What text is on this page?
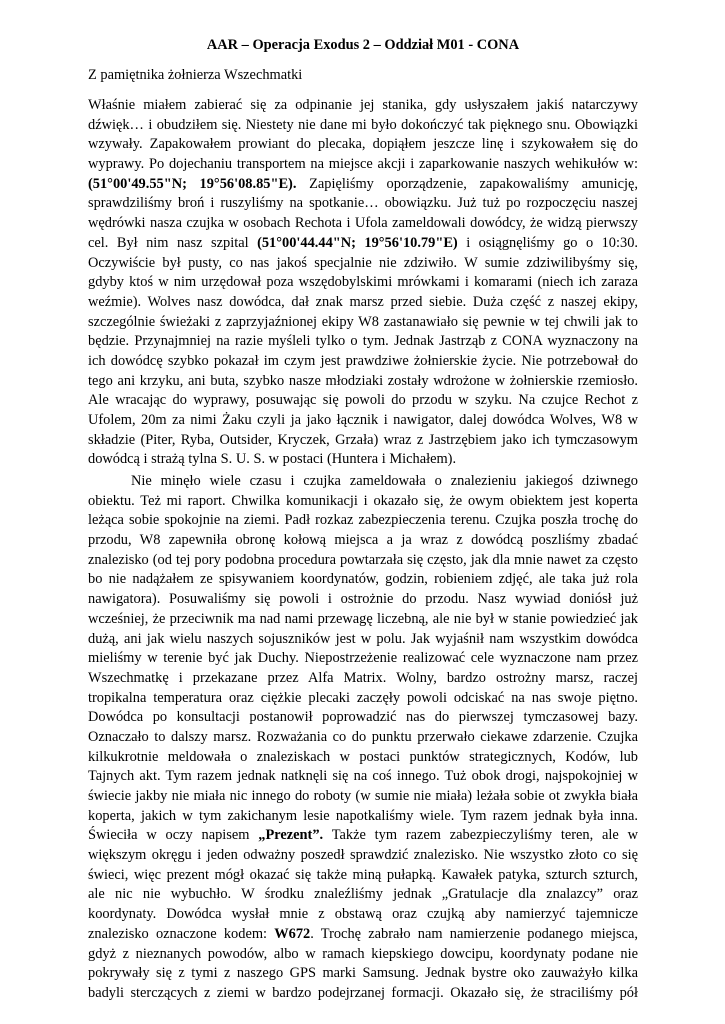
AAR – Operacja Exodus 2 – Oddział M01 - CONA
Z pamiętnika żołnierza Wszechmatki
Właśnie miałem zabierać się za odpinanie jej stanika, gdy usłyszałem jakiś natarczywy
dźwięk… i obudziłem się. Niestety nie dane mi było dokończyć tak pięknego snu. Obowiązki
wzywały. Zapakowałem prowiant do plecaka, dopiąłem jeszcze linę i szykowałem się do
wyprawy. Po dojechaniu transportem na miejsce akcji i zaparkowanie naszych wehikułów w:
(51°00'49.55"N; 19°56'08.85"E). Zapięliśmy oporządzenie, zapakowaliśmy amunicję,
sprawdziliśmy broń i ruszyliśmy na spotkanie… obowiązku. Już tuż po rozpoczęciu naszej
wędrówki nasza czujka w osobach Rechota i Ufola zameldowali dowódcy, że widzą pierwszy
cel. Był nim nasz szpital (51°00'44.44"N; 19°56'10.79"E) i osiągnęliśmy go o 10:30.
Oczywiście był pusty, co nas jakoś specjalnie nie zdziwiło. W sumie zdziwilibyśmy się,
gdyby ktoś w nim urzędował poza wszędobylskimi mrówkami i komarami (niech ich zaraza
weźmie). Wolves nasz dowódca, dał znak marsz przed siebie. Duża część z naszej ekipy,
szczególnie świeżaki z zaprzyjaźnionej ekipy W8 zastanawiało się pewnie w tej chwili jak to
będzie. Przynajmniej na razie myśleli tylko o tym. Jednak Jastrząb z CONA wyznaczony na
ich dowódcę szybko pokazał im czym jest prawdziwe żołnierskie życie. Nie potrzebował do
tego ani krzyku, ani buta, szybko nasze młodziaki zostały wdrożone w żołnierskie rzemiosło.
Ale wracając do wyprawy, posuwając się powoli do przodu w szyku. Na czujce Rechot z
Ufolem, 20m za nimi Żaku czyli ja jako łącznik i nawigator, dalej dowódca Wolves, W8 w
składzie (Piter, Ryba, Outsider, Kryczek, Grzała) wraz z Jastrzębiem jako ich tymczasowym
dowódcą i strażą tylna S. U. S. w postaci (Huntera i Michałem).
Nie minęło wiele czasu i czujka zameldowała o znalezieniu jakiegoś dziwnego
obiektu. Też mi raport. Chwilka komunikacji i okazało się, że owym obiektem jest koperta
leżąca sobie spokojnie na ziemi. Padł rozkaz zabezpieczenia terenu. Czujka poszła trochę do
przodu, W8 zapewniła obronę kołową miejsca a ja wraz z dowódcą poszliśmy zbadać
znalezisko (od tej pory podobna procedura powtarzała się często, jak dla mnie nawet za często
bo nie nadążałem ze spisywaniem koordynatów, godzin, robieniem zdjęć, ale taka już rola
nawigatora). Posuwaliśmy się powoli i ostrożnie do przodu. Nasz wywiad doniósł już
wcześniej, że przeciwnik ma nad nami przewagę liczebną, ale nie był w stanie powiedzieć jak
dużą, ani jak wielu naszych sojuszników jest w polu. Jak wyjaśnił nam wszystkim dowódca
mieliśmy w terenie być jak Duchy. Niepostrzeżenie realizować cele wyznaczone nam przez
Wszechmatkę i przekazane przez Alfa Matrix. Wolny, bardzo ostrożny marsz, raczej
tropikalna temperatura oraz ciężkie plecaki zaczęły powoli odciskać na nas swoje piętno.
Dowódca po konsultacji postanowił poprowadzić nas do pierwszej tymczasowej bazy.
Oznaczało to dalszy marsz. Rozważania co do punktu przerwało ciekawe zdarzenie. Czujka
kilkukrotnie meldowała o znaleziskach w postaci punktów strategicznych, Kodów, lub
Tajnych akt. Tym razem jednak natknęli się na coś innego. Tuż obok drogi, najspokojniej w
świecie jakby nie miała nic innego do roboty (w sumie nie miała) leżała sobie ot zwykła biała
koperta, jakich w tym zakichanym lesie napotkaliśmy wiele. Tym razem jednak była inna.
Świeciła w oczy napisem „Prezent”. Także tym razem zabezpieczyliśmy teren, ale w
większym okręgu i jeden odważny poszedł sprawdzić znalezisko. Nie wszystko złoto co się
świeci, więc prezent mógł okazać się także miną pułapką. Kawałek patyka, szturch szturch,
ale nic nie wybuchło. W środku znaleźliśmy jednak „Gratulacje dla znalazcy” oraz
koordynaty. Dowódca wysłał mnie z obstawą oraz czujką aby namierzyć tajemnicze
znalezisko oznaczone kodem: W672. Trochę zabrało nam namierzenie podanego miejsca,
gdyż z nieznanych powodów, albo w ramach kiepskiego dowcipu, koordynaty podane nie
pokrywały się z tymi z naszego GPS marki Samsung. Jednak bystre oko zauważyło kilka
badyli sterczących z ziemi w bardzo podejrzanej formacji. Okazało się, że straciliśmy pół
